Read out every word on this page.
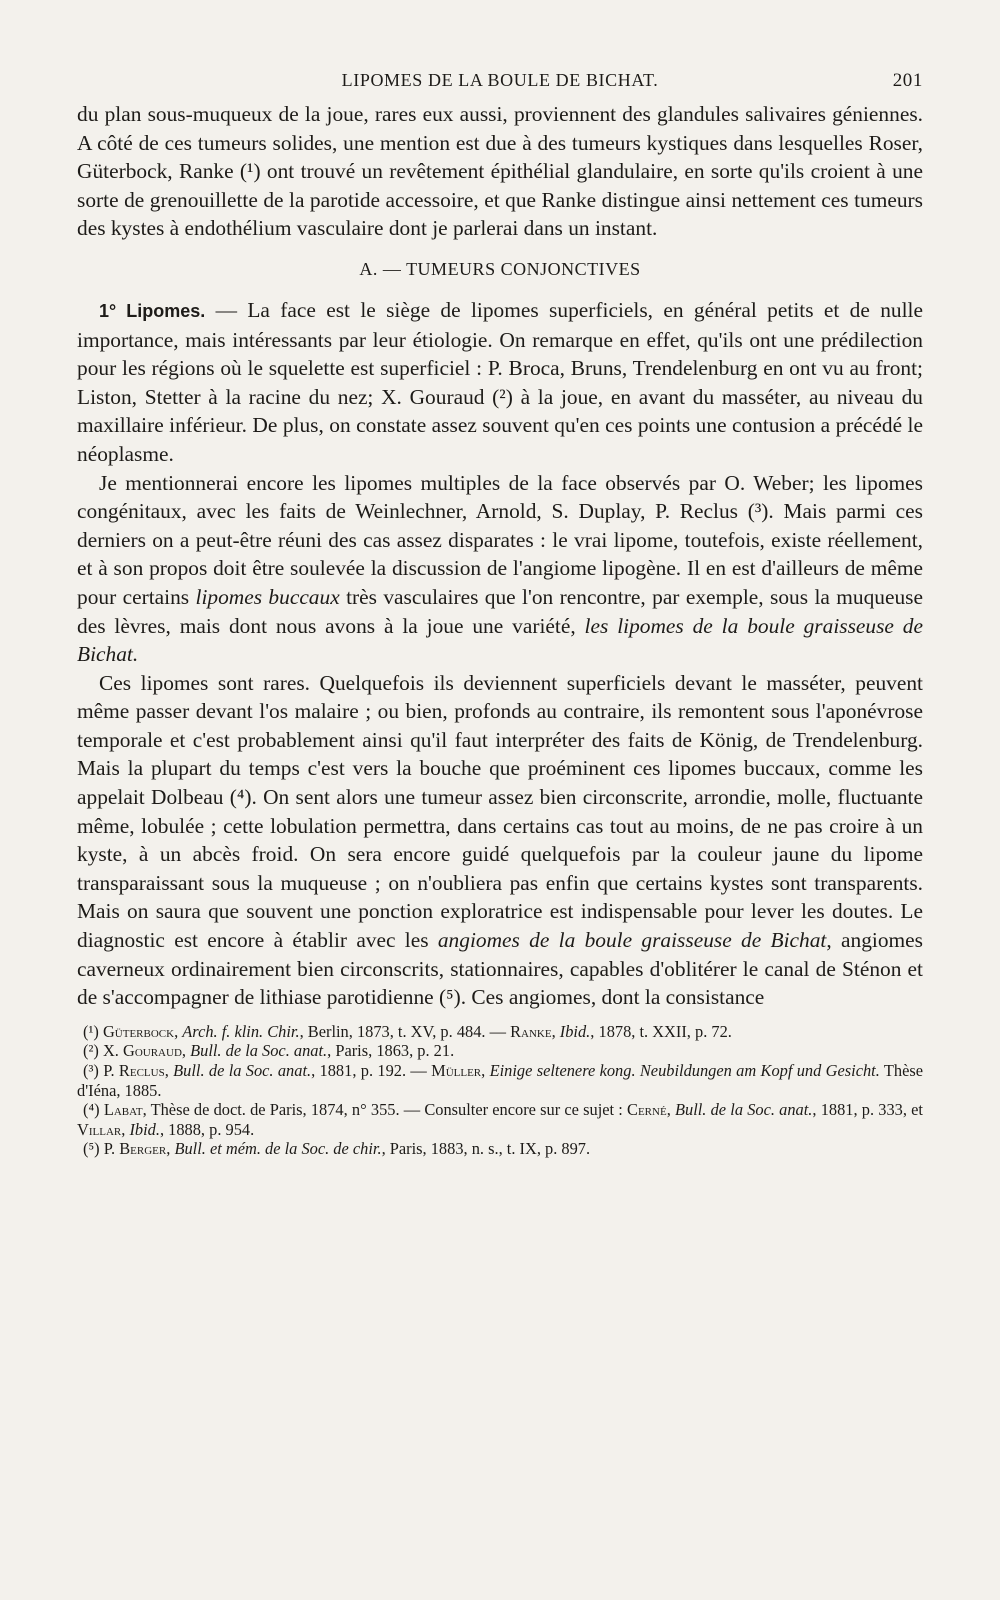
LIPOMES DE LA BOULE DE BICHAT.	201

du plan sous-muqueux de la joue, rares eux aussi, proviennent des glandules salivaires géniennes. A côté de ces tumeurs solides, une mention est due à des tumeurs kystiques dans lesquelles Roser, Güterbock, Ranke (¹) ont trouvé un revêtement épithélial glandulaire, en sorte qu'ils croient à une sorte de grenouillette de la parotide accessoire, et que Ranke distingue ainsi nettement ces tumeurs des kystes à endothélium vasculaire dont je parlerai dans un instant.

A. — TUMEURS CONJONCTIVES

1° Lipomes. — La face est le siège de lipomes superficiels, en général petits et de nulle importance, mais intéressants par leur étiologie. On remarque en effet, qu'ils ont une prédilection pour les régions où le squelette est superficiel : P. Broca, Bruns, Trendelenburg en ont vu au front; Liston, Stetter à la racine du nez; X. Gouraud (²) à la joue, en avant du masséter, au niveau du maxillaire inférieur. De plus, on constate assez souvent qu'en ces points une contusion a précédé le néoplasme.

Je mentionnerai encore les lipomes multiples de la face observés par O. Weber; les lipomes congénitaux, avec les faits de Weinlechner, Arnold, S. Duplay, P. Reclus (³). Mais parmi ces derniers on a peut-être réuni des cas assez disparates : le vrai lipome, toutefois, existe réellement, et à son propos doit être soulevée la discussion de l'angiome lipogène. Il en est d'ailleurs de même pour certains lipomes buccaux très vasculaires que l'on rencontre, par exemple, sous la muqueuse des lèvres, mais dont nous avons à la joue une variété, les lipomes de la boule graisseuse de Bichat.

Ces lipomes sont rares. Quelquefois ils deviennent superficiels devant le masséter, peuvent même passer devant l'os malaire ; ou bien, profonds au contraire, ils remontent sous l'aponévrose temporale et c'est probablement ainsi qu'il faut interpréter des faits de König, de Trendelenburg. Mais la plupart du temps c'est vers la bouche que proéminent ces lipomes buccaux, comme les appelait Dolbeau (⁴). On sent alors une tumeur assez bien circonscrite, arrondie, molle, fluctuante même, lobulée ; cette lobulation permettra, dans certains cas tout au moins, de ne pas croire à un kyste, à un abcès froid. On sera encore guidé quelquefois par la couleur jaune du lipome transparaissant sous la muqueuse ; on n'oubliera pas enfin que certains kystes sont transparents. Mais on saura que souvent une ponction exploratrice est indispensable pour lever les doutes. Le diagnostic est encore à établir avec les angiomes de la boule graisseuse de Bichat, angiomes caverneux ordinairement bien circonscrits, stationnaires, capables d'oblitérer le canal de Sténon et de s'accompagner de lithiase parotidienne (⁵). Ces angiomes, dont la consistance

(¹) Güterbock, Arch. f. klin. Chir., Berlin, 1873, t. XV, p. 484. — Ranke, Ibid., 1878, t. XXII, p. 72.

(²) X. Gouraud, Bull. de la Soc. anat., Paris, 1863, p. 21.

(³) P. Reclus, Bull. de la Soc. anat., 1881, p. 192. — Müller, Einige seltenere kong. Neubildungen am Kopf und Gesicht. Thèse d'Iéna, 1885.

(⁴) Labat, Thèse de doct. de Paris, 1874, n° 355. — Consulter encore sur ce sujet : Cerné, Bull. de la Soc. anat., 1881, p. 333, et Villar, Ibid., 1888, p. 954.

(⁵) P. Berger, Bull. et mém. de la Soc. de chir., Paris, 1883, n. s., t. IX, p. 897.
